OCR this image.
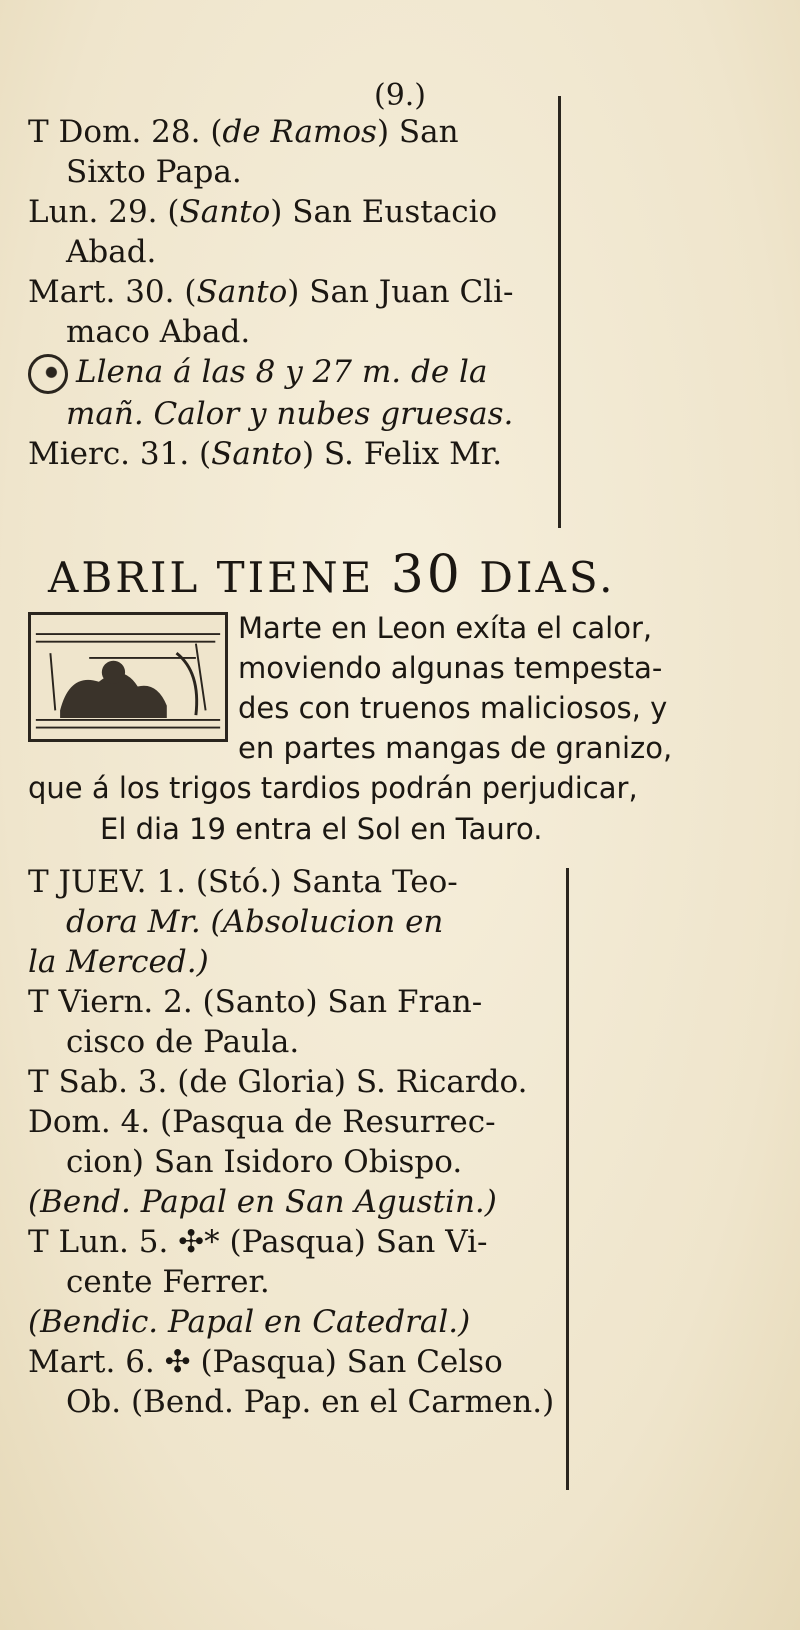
(9.)

T Dom. 28. (de Ramos) San
Sixto Papa.

Lun. 29. (Santo) San Eustacio
Abad.

Mart. 30. (Santo) San Juan Cli-
maco Abad.

Llena á las 8 y 27 m. de la
mañ. Calor y nubes gruesas.

Mierc. 31. (Santo) S. Felix Mr.

ABRIL TIENE 30 DIAS.
Marte en Leon exíta el calor,
moviendo algunas tempesta-
des con truenos maliciosos, y
en partes mangas de granizo,
que á los trigos tardios podrán perjudicar,
El dia 19 entra el Sol en Tauro.

T JUEV. 1. (Stó.) Santa Teo-
dora Mr. (Absolucion en
la Merced.)

T Viern. 2. (Santo) San Fran-
cisco de Paula.

T Sab. 3. (de Gloria) S. Ricardo.

Dom. 4. (Pasqua de Resurrec-
cion) San Isidoro Obispo.

(Bend. Papal en San Agustin.)

T Lun. 5. ✣* (Pasqua) San Vi-
cente Ferrer.

(Bendic. Papal en Catedral.)

Mart. 6. ✣ (Pasqua) San Celso
Ob. (Bend. Pap. en el Carmen.)
